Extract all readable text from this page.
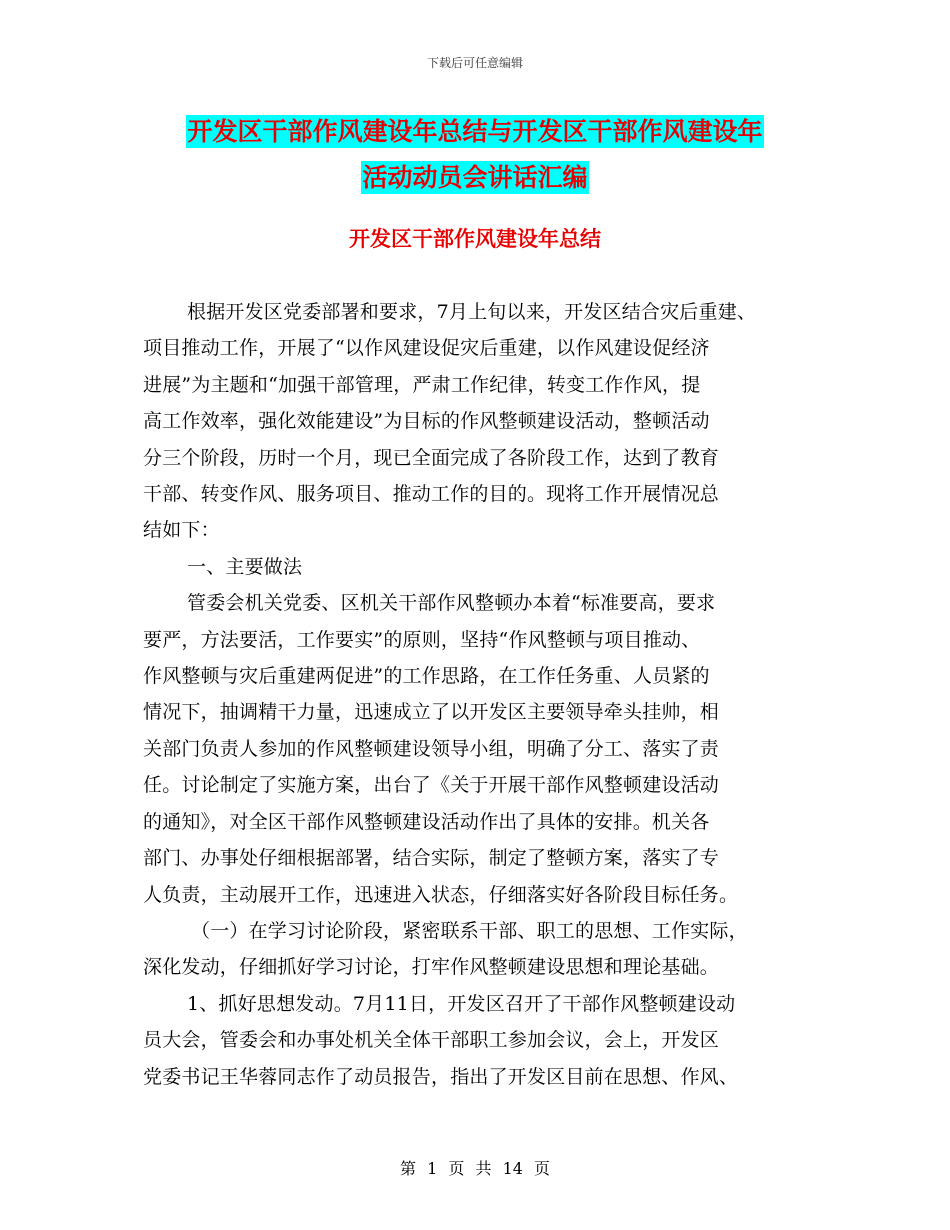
下载后可任意编辑
开发区干部作风建设年总结与开发区干部作风建设年
活动动员会讲话汇编
开发区干部作风建设年总结
根据开发区党委部署和要求，7月上旬以来，开发区结合灾后重建、
项目推动工作，开展了“以作风建设促灾后重建，以作风建设促经济
进展”为主题和“加强干部管理，严肃工作纪律，转变工作作风，提
高工作效率，强化效能建设”为目标的作风整顿建设活动，整顿活动
分三个阶段，历时一个月，现已全面完成了各阶段工作，达到了教育
干部、转变作风、服务项目、推动工作的目的。现将工作开展情况总
结如下：
一、主要做法
管委会机关党委、区机关干部作风整顿办本着“标准要高，要求
要严，方法要活，工作要实”的原则，坚持“作风整顿与项目推动、
作风整顿与灾后重建两促进”的工作思路，在工作任务重、人员紧的
情况下，抽调精干力量，迅速成立了以开发区主要领导牵头挂帅，相
关部门负责人参加的作风整顿建设领导小组，明确了分工、落实了责
任。讨论制定了实施方案，出台了《关于开展干部作风整顿建设活动
的通知》，对全区干部作风整顿建设活动作出了具体的安排。机关各
部门、办事处仔细根据部署，结合实际，制定了整顿方案，落实了专
人负责，主动展开工作，迅速进入状态，仔细落实好各阶段目标任务。
（一）在学习讨论阶段，紧密联系干部、职工的思想、工作实际，
深化发动，仔细抓好学习讨论，打牢作风整顿建设思想和理论基础。
1、抓好思想发动。7月11日，开发区召开了干部作风整顿建设动
员大会，管委会和办事处机关全体干部职工参加会议，会上，开发区
党委书记王华蓉同志作了动员报告，指出了开发区目前在思想、作风、
第 1 页 共 14 页
